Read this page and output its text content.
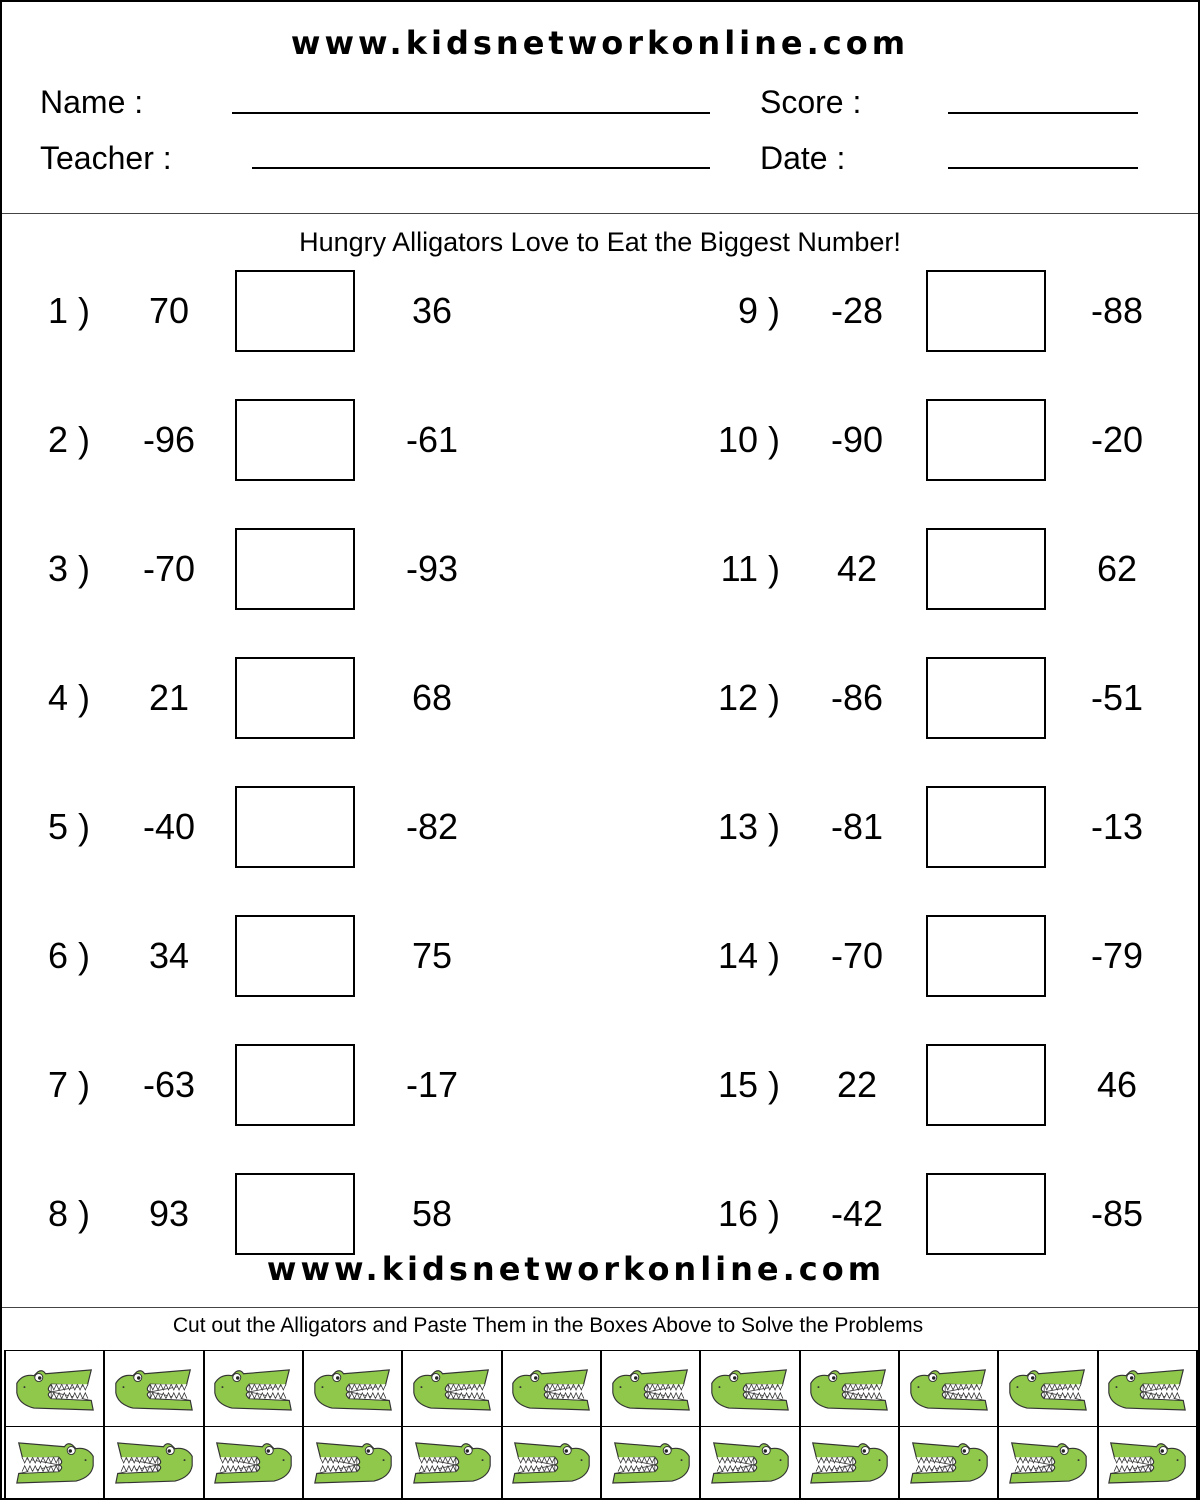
www.kidsnetworkonline.com
Name :	Score :
Teacher :	Date :
Hungry Alligators Love to Eat the Biggest Number!
1 )	70	36
2 )	-96	-61
3 )	-70	-93
4 )	21	68
5 )	-40	-82
6 )	34	75
7 )	-63	-17
8 )	93	58
9 )	-28	-88
10 )	-90	-20
11 )	42	62
12 )	-86	-51
13 )	-81	-13
14 )	-70	-79
15 )	22	46
16 )	-42	-85
www.kidsnetworkonline.com
Cut out the Alligators and Paste Them in the Boxes Above to Solve the Problems
